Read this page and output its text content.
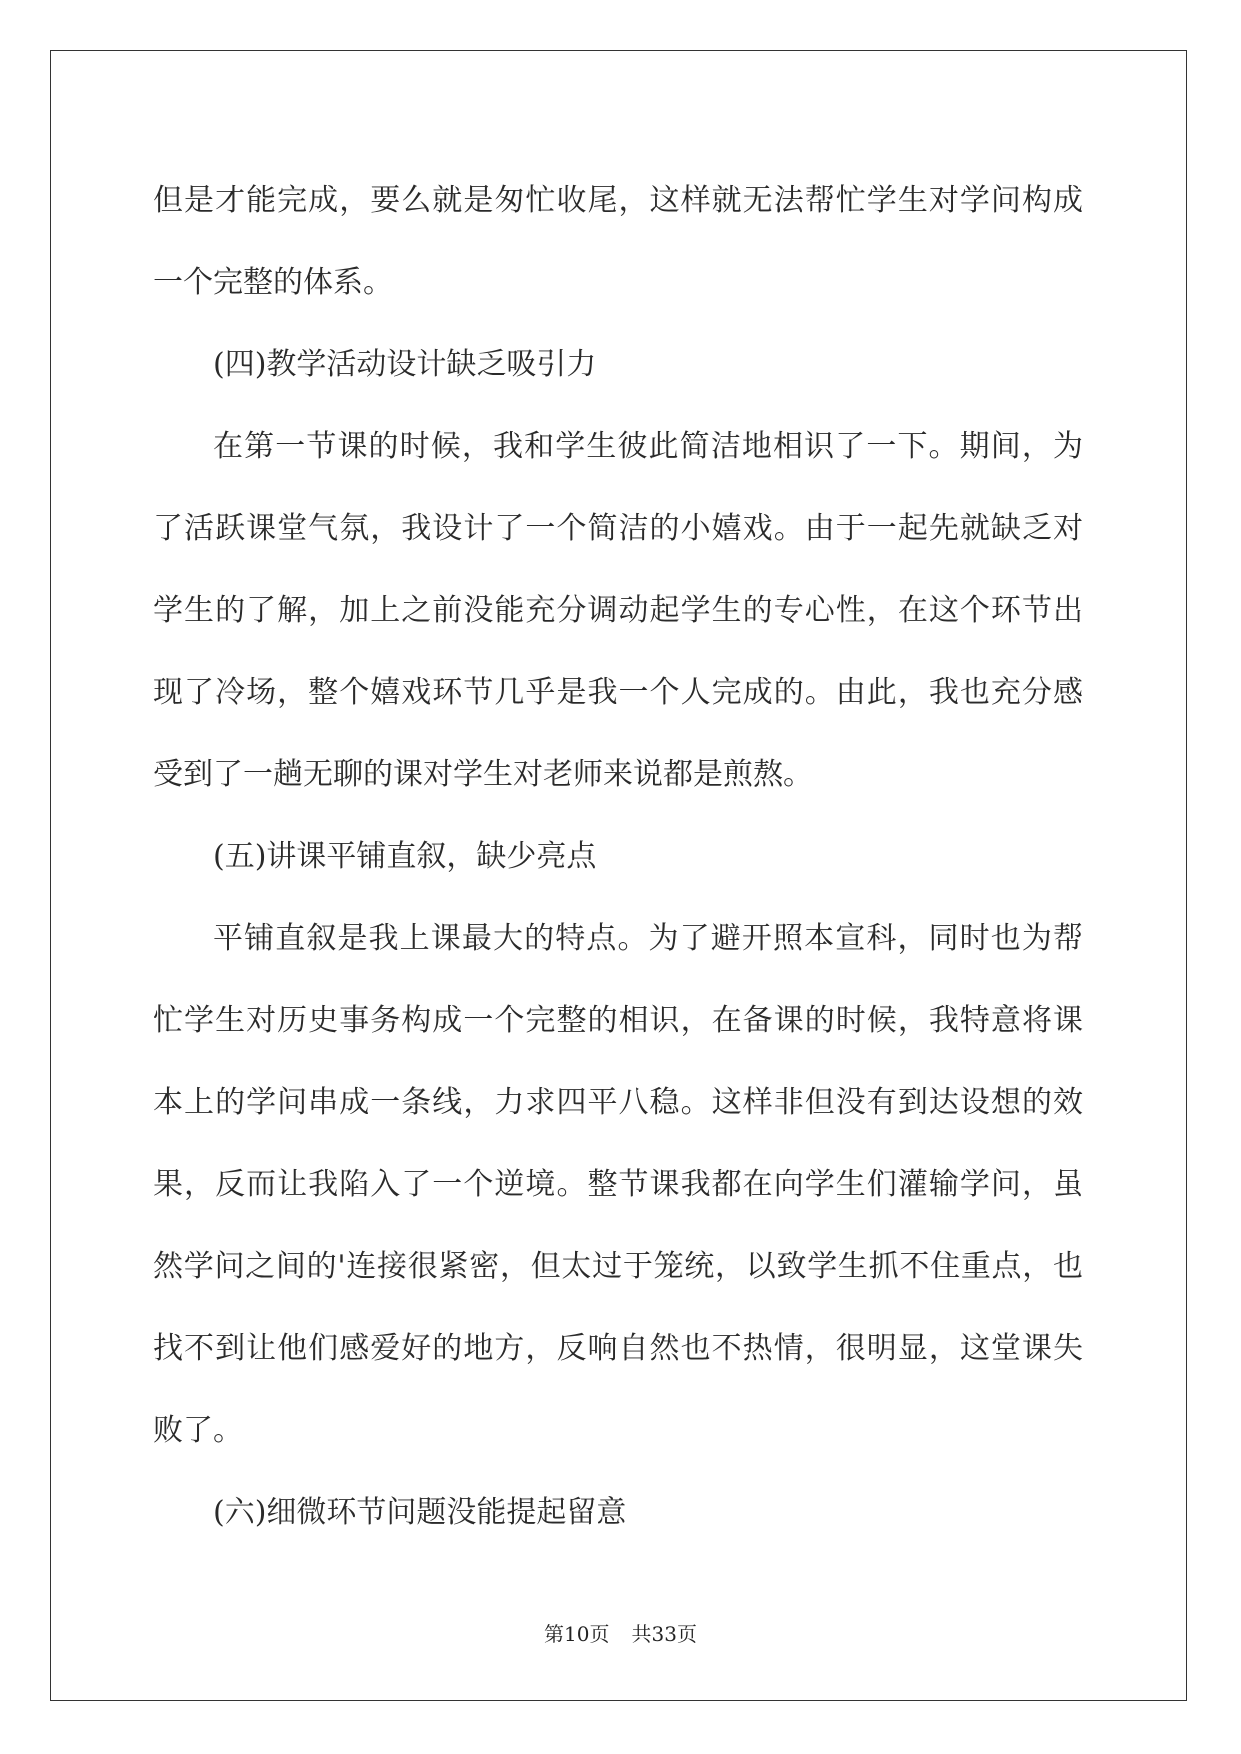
但是才能完成，要么就是匆忙收尾，这样就无法帮忙学生对学问构成

一个完整的体系。

(四)教学活动设计缺乏吸引力

在第一节课的时候，我和学生彼此简洁地相识了一下。期间，为

了活跃课堂气氛，我设计了一个简洁的小嬉戏。由于一起先就缺乏对

学生的了解，加上之前没能充分调动起学生的专心性，在这个环节出

现了冷场，整个嬉戏环节几乎是我一个人完成的。由此，我也充分感

受到了一趟无聊的课对学生对老师来说都是煎熬。

(五)讲课平铺直叙，缺少亮点

平铺直叙是我上课最大的特点。为了避开照本宣科，同时也为帮

忙学生对历史事务构成一个完整的相识，在备课的时候，我特意将课

本上的学问串成一条线，力求四平八稳。这样非但没有到达设想的效

果，反而让我陷入了一个逆境。整节课我都在向学生们灌输学问，虽

然学问之间的'连接很紧密，但太过于笼统，以致学生抓不住重点，也

找不到让他们感爱好的地方，反响自然也不热情，很明显，这堂课失

败了。

(六)细微环节问题没能提起留意

第10页 共33页
